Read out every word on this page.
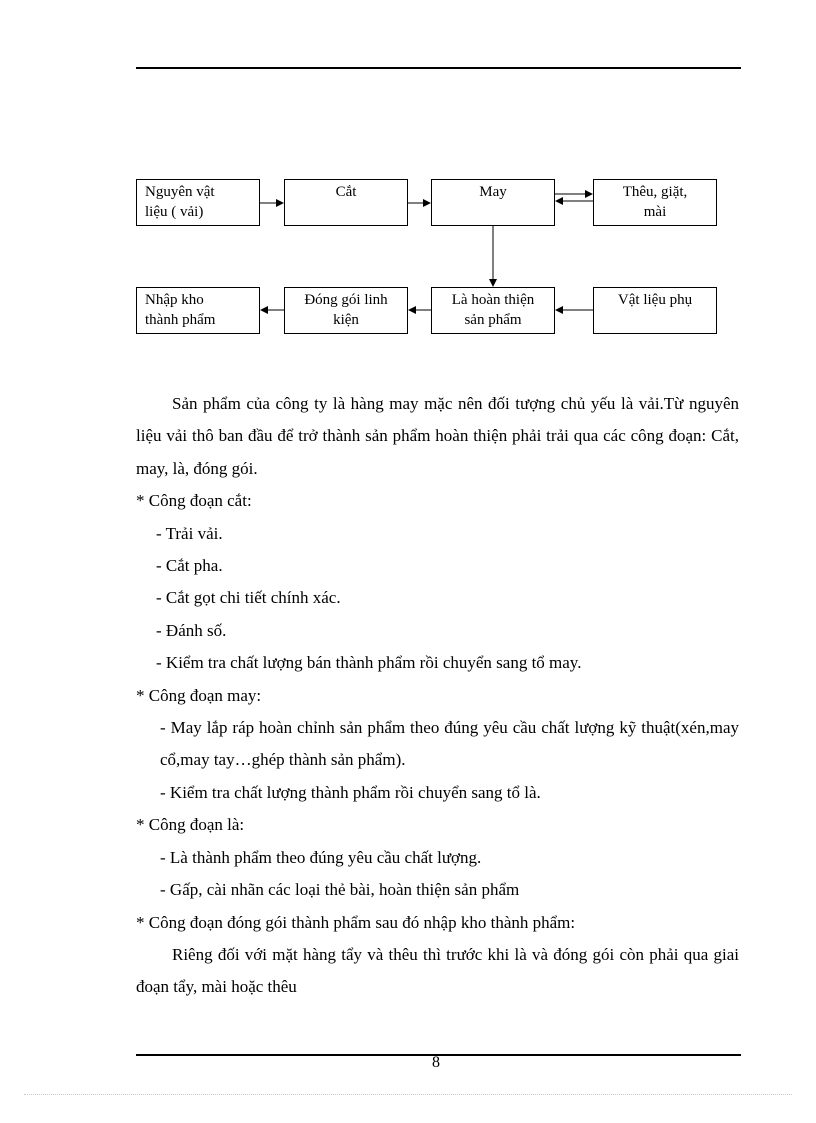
Nguyên vật
liệu ( vải)
Cắt	May	Thêu, giặt,
mài
Nhập kho
thành phẩm
Đóng gói linh
kiện
Là hoàn thiện
sản phẩm
Vật liệu phụ

Sản phẩm của công ty là hàng may mặc nên đối tượng chủ yếu là vải.Từ nguyên liệu vải thô ban đầu để trở thành sản phẩm hoàn thiện phải trải qua các công đoạn: Cắt, may, là, đóng gói.

* Công đoạn cắt:

- Trải vải.

- Cắt pha.

- Cắt gọt chi tiết chính xác.

- Đánh số.

- Kiểm tra chất lượng bán thành phẩm rồi chuyển sang tổ may.

* Công đoạn may:

- May lắp ráp hoàn chỉnh sản phẩm theo đúng yêu cầu chất lượng kỹ thuật(xén,may cổ,may tay…ghép thành sản phẩm).

- Kiểm tra chất lượng thành phẩm rồi chuyển sang tổ là.

* Công đoạn là:

- Là thành phẩm theo đúng yêu cầu chất lượng.

- Gấp, cài nhãn các loại thẻ bài, hoàn thiện sản phẩm

* Công đoạn đóng gói thành phẩm sau đó nhập kho thành phẩm:

Riêng đối với mặt hàng tẩy và thêu thì trước khi là và đóng gói còn phải qua giai đoạn tẩy, mài hoặc thêu

8
